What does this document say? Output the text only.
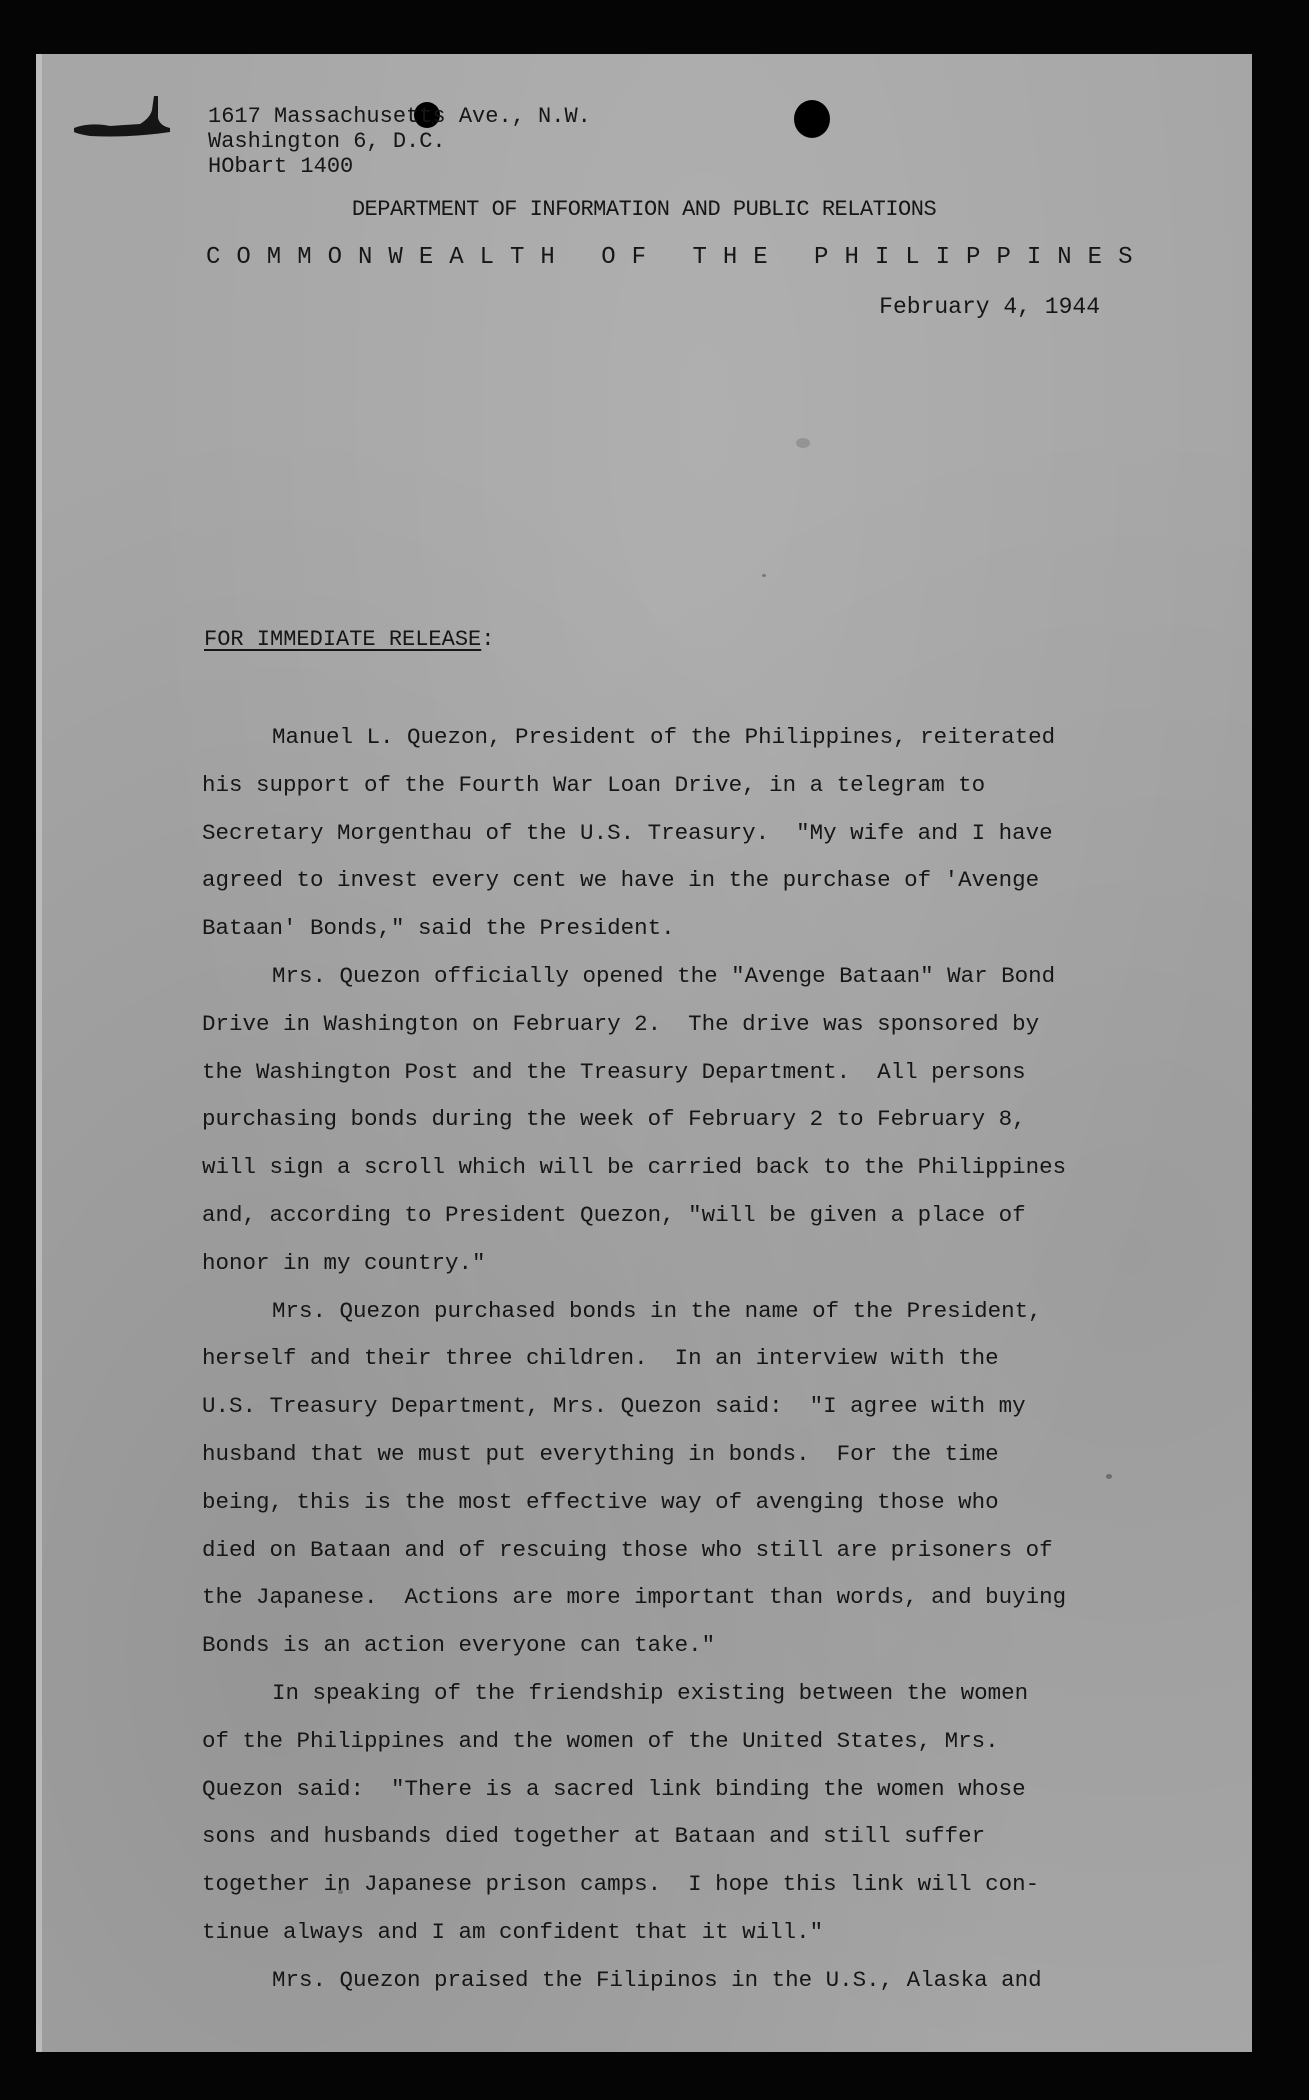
1617 Massachusetts Ave., N.W.
Washington 6, D.C.
HObart 1400
DEPARTMENT OF INFORMATION AND PUBLIC RELATIONS
COMMONWEALTH OF THE PHILIPPINES
February 4, 1944
FOR IMMEDIATE RELEASE:
Manuel L. Quezon, President of the Philippines, reiterated
his support of the Fourth War Loan Drive, in a telegram to
Secretary Morgenthau of the U.S. Treasury.  "My wife and I have
agreed to invest every cent we have in the purchase of 'Avenge
Bataan' Bonds," said the President.
Mrs. Quezon officially opened the "Avenge Bataan" War Bond
Drive in Washington on February 2.  The drive was sponsored by
the Washington Post and the Treasury Department.  All persons
purchasing bonds during the week of February 2 to February 8,
will sign a scroll which will be carried back to the Philippines
and, according to President Quezon, "will be given a place of
honor in my country."
Mrs. Quezon purchased bonds in the name of the President,
herself and their three children.  In an interview with the
U.S. Treasury Department, Mrs. Quezon said:  "I agree with my
husband that we must put everything in bonds.  For the time
being, this is the most effective way of avenging those who
died on Bataan and of rescuing those who still are prisoners of
the Japanese.  Actions are more important than words, and buying
Bonds is an action everyone can take."
In speaking of the friendship existing between the women
of the Philippines and the women of the United States, Mrs.
Quezon said:  "There is a sacred link binding the women whose
sons and husbands died together at Bataan and still suffer
together in Japanese prison camps.  I hope this link will con-
tinue always and I am confident that it will."
Mrs. Quezon praised the Filipinos in the U.S., Alaska and
